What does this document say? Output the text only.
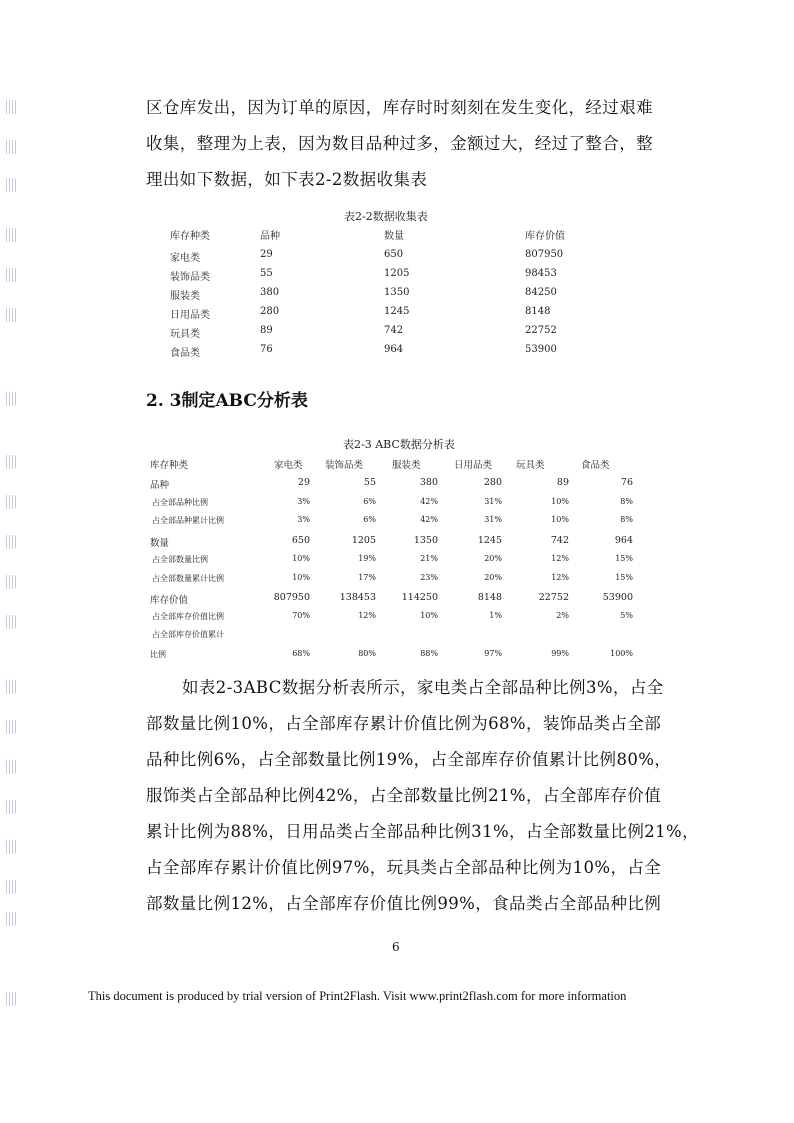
区仓库发出，因为订单的原因，库存时时刻刻在发生变化，经过艰难
收集，整理为上表，因为数目品种过多，金额过大，经过了整合，整
理出如下数据，如下表2-2数据收集表
表2-2数据收集表
库存种类	品种	数量	库存价值
家电类	29	650	807950
装饰品类	55	1205	98453
服装类	380	1350	84250
日用品类	280	1245	8148
玩具类	89	742	22752
食品类	76	964	53900
2. 3制定ABC分析表
表2-3 ABC数据分析表
库存种类	家电类	装饰品类	服装类	日用品类	玩具类	食品类
品种	29	55	380	280	89	76
占全部品种比例	3%	6%	42%	31%	10%	8%
占全部品种累计比例	3%	6%	42%	31%	10%	8%
数量	650	1205	1350	1245	742	964
占全部数量比例	10%	19%	21%	20%	12%	15%
占全部数量累计比例	10%	17%	23%	20%	12%	15%
库存价值	807950	138453	114250	8148	22752	53900
占全部库存价值比例	70%	12%	10%	1%	2%	5%
占全部库存价值累计
比例	68%	80%	88%	97%	99%	100%
如表2-3ABC数据分析表所示，家电类占全部品种比例3%，占全
部数量比例10%，占全部库存累计价值比例为68%，装饰品类占全部
品种比例6%，占全部数量比例19%，占全部库存价值累计比例80%，
服饰类占全部品种比例42%，占全部数量比例21%，占全部库存价值
累计比例为88%，日用品类占全部品种比例31%，占全部数量比例21%，
占全部库存累计价值比例97%，玩具类占全部品种比例为10%，占全
部数量比例12%，占全部库存价值比例99%，食品类占全部品种比例
6
This document is produced by trial version of Print2Flash. Visit www.print2flash.com for more information
